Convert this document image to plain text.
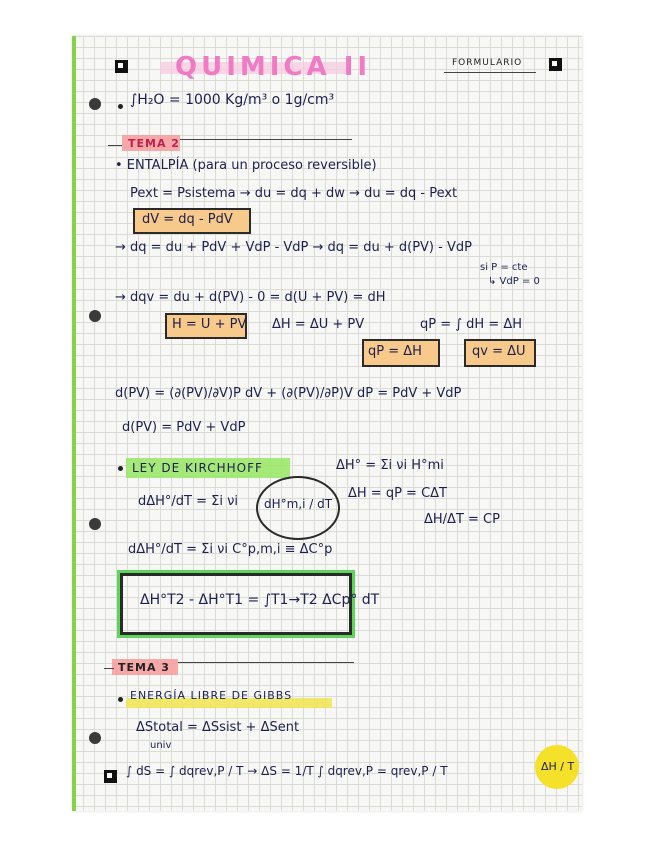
QUIMICA II	FORMULARIO
∫H₂O = 1000 Kg/m³ o 1g/cm³
TEMA 2
• ENTALPÍA (para un proceso reversible)
Pext = Psistema → du = dq + dw → du = dq - Pext
dV = dq - PdV
→ dq = du + PdV + VdP - VdP → dq = du + d(PV) - VdP
si P = cte
↳ VdP = 0
→ dqv = du + d(PV) - 0 = d(U + PV) = dH
H = U + PV ΔH = ΔU + PV	qP = ∫ dH = ΔH
qP = ΔH	qv = ΔU
d(PV) = (∂(PV)/∂V)P dV + (∂(PV)/∂P)V dP = PdV + VdP
d(PV) = PdV + VdP
LEY DE KIRCHHOFF	ΔH° = Σi νi H°mi
dΔH°/dT = Σi νi dH°m,i / dT
ΔH = qP = CΔT
ΔH/ΔT = CP
dΔH°/dT = Σi νi C°p,m,i ≡ ΔC°p
ΔH°T2 - ΔH°T1 = ∫T1→T2 ΔCp° dT
TEMA 3
ENERGÍA LIBRE DE GIBBS
ΔStotal = ΔSsist + ΔSent
univ
∫ dS = ∫ dqrev,P / T → ΔS = 1/T ∫ dqrev,P = qrev,P / T	ΔH / T
